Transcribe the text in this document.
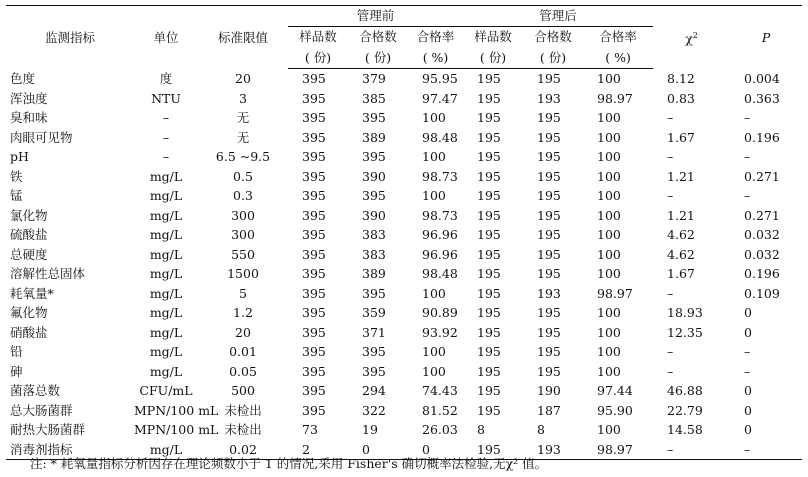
监测指标	单位	标准限值	管理前			管理后			$\chi^2$	P
			样品数	合格数	合格率	样品数	合格数	合格率		
			( 份)	( 份)	( %)	( 份)	( 份)	( %)		
色度	度	20	395	379	95.95	195	195	100	8.12	0.004
浑浊度	NTU	3	395	385	97.47	195	193	98.97	0.83	0.363
臭和味	–	无	395	395	100	195	195	100	–	–
肉眼可见物	–	无	395	389	98.48	195	195	100	1.67	0.196
pH	–	6.5 ~9.5	395	395	100	195	195	100	–	–
铁	mg/L	0.5	395	390	98.73	195	195	100	1.21	0.271
锰	mg/L	0.3	395	395	100	195	195	100	–	–
氯化物	mg/L	300	395	390	98.73	195	195	100	1.21	0.271
硫酸盐	mg/L	300	395	383	96.96	195	195	100	4.62	0.032
总硬度	mg/L	550	395	383	96.96	195	195	100	4.62	0.032
溶解性总固体	mg/L	1500	395	389	98.48	195	195	100	1.67	0.196
耗氧量*	mg/L	5	395	395	100	195	193	98.97	–	0.109
氟化物	mg/L	1.2	395	359	90.89	195	195	100	18.93	0
硝酸盐	mg/L	20	395	371	93.92	195	195	100	12.35	0
铅	mg/L	0.01	395	395	100	195	195	100	–	–
砷	mg/L	0.05	395	395	100	195	195	100	–	–
菌落总数	CFU/mL	500	395	294	74.43	195	190	97.44	46.88	0
总大肠菌群	MPN/100 mL	未检出	395	322	81.52	195	187	95.90	22.79	0
耐热大肠菌群	MPN/100 mL	未检出	73	19	26.03	8	8	100	14.58	0
消毒剂指标	mg/L	0.02	2	0	0	195	193	98.97	–	–
注: * 耗氧量指标分析因存在理论频数小于 1 的情况,采用 Fisher's 确切概率法检验,无χ² 值。
